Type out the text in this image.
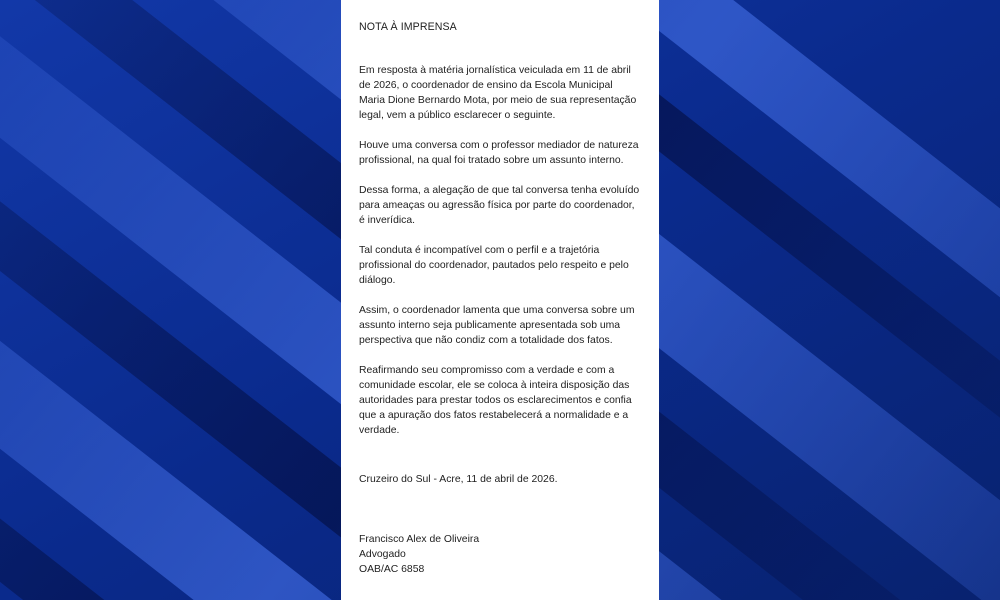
NOTA À IMPRENSA

Em resposta à matéria jornalística veiculada em 11 de abril de 2026, o coordenador de ensino da Escola Municipal Maria Dione Bernardo Mota, por meio de sua representação legal, vem a público esclarecer o seguinte.

Houve uma conversa com o professor mediador de natureza profissional, na qual foi tratado sobre um assunto interno.

Dessa forma, a alegação de que tal conversa tenha evoluído para ameaças ou agressão física por parte do coordenador, é inverídica.

Tal conduta é incompatível com o perfil e a trajetória profissional do coordenador, pautados pelo respeito e pelo diálogo.

Assim, o coordenador lamenta que uma conversa sobre um assunto interno seja publicamente apresentada sob uma perspectiva que não condiz com a totalidade dos fatos.

Reafirmando seu compromisso com a verdade e com a comunidade escolar, ele se coloca à inteira disposição das autoridades para prestar todos os esclarecimentos e confia que a apuração dos fatos restabelecerá a normalidade e a verdade.

Cruzeiro do Sul - Acre, 11 de abril de 2026.
Francisco Alex de Oliveira
Advogado
OAB/AC 6858
